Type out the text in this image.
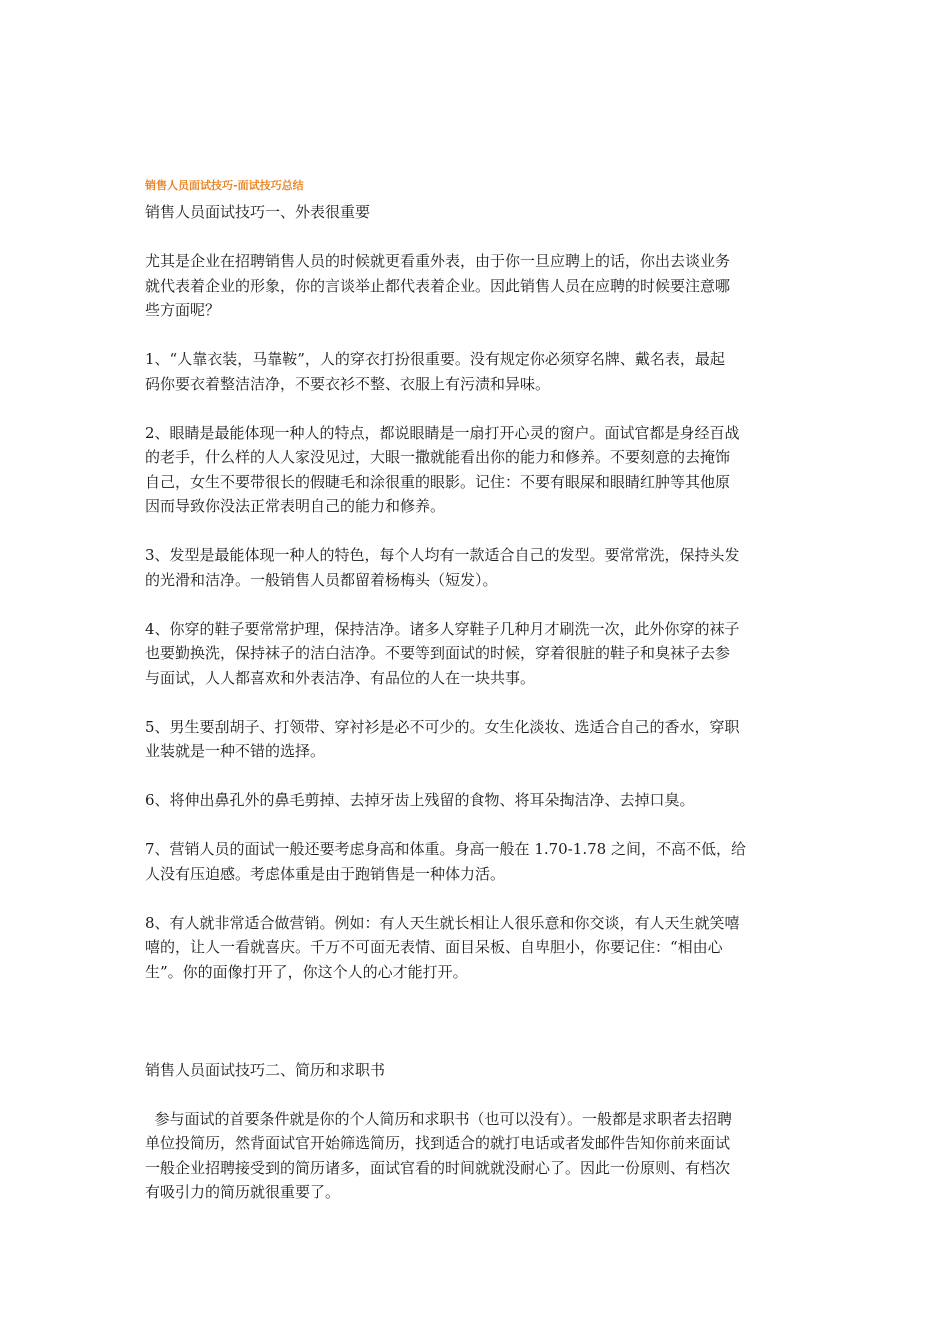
销售人员面试技巧-面试技巧总结

销售人员面试技巧一、外表很重要

尤其是企业在招聘销售人员的时候就更看重外表，由于你一旦应聘上的话，你出去谈业务

就代表着企业的形象，你的言谈举止都代表着企业。因此销售人员在应聘的时候要注意哪

些方面呢？

1、“人靠衣装，马靠鞍”，人的穿衣打扮很重要。没有规定你必须穿名牌、戴名表，最起

码你要衣着整洁洁净，不要衣衫不整、衣服上有污渍和异味。

2、眼睛是最能体现一种人的特点，都说眼睛是一扇打开心灵的窗户。面试官都是身经百战

的老手，什么样的人人家没见过，大眼一撒就能看出你的能力和修养。不要刻意的去掩饰

自己，女生不要带很长的假睫毛和涂很重的眼影。记住：不要有眼屎和眼睛红肿等其他原

因而导致你没法正常表明自己的能力和修养。

3、发型是最能体现一种人的特色，每个人均有一款适合自己的发型。要常常洗，保持头发

的光滑和洁净。一般销售人员都留着杨梅头（短发）。

4、你穿的鞋子要常常护理，保持洁净。诸多人穿鞋子几种月才刷洗一次，此外你穿的袜子

也要勤换洗，保持袜子的洁白洁净。不要等到面试的时候，穿着很脏的鞋子和臭袜子去参

与面试，人人都喜欢和外表洁净、有品位的人在一块共事。

5、男生要刮胡子、打领带、穿衬衫是必不可少的。女生化淡妆、选适合自己的香水，穿职

业装就是一种不错的选择。

6、将伸出鼻孔外的鼻毛剪掉、去掉牙齿上残留的食物、将耳朵掏洁净、去掉口臭。

7、营销人员的面试一般还要考虑身高和体重。身高一般在 1.70-1.78 之间，不高不低，给

人没有压迫感。考虑体重是由于跑销售是一种体力活。

8、有人就非常适合做营销。例如：有人天生就长相让人很乐意和你交谈，有人天生就笑嘻

嘻的，让人一看就喜庆。千万不可面无表情、面目呆板、自卑胆小，你要记住：“相由心

生”。你的面像打开了，你这个人的心才能打开。

销售人员面试技巧二、简历和求职书

参与面试的首要条件就是你的个人简历和求职书（也可以没有）。一般都是求职者去招聘

单位投简历，然背面试官开始筛选简历，找到适合的就打电话或者发邮件告知你前来面试

一般企业招聘接受到的简历诸多，面试官看的时间就就没耐心了。因此一份原则、有档次

有吸引力的简历就很重要了。
